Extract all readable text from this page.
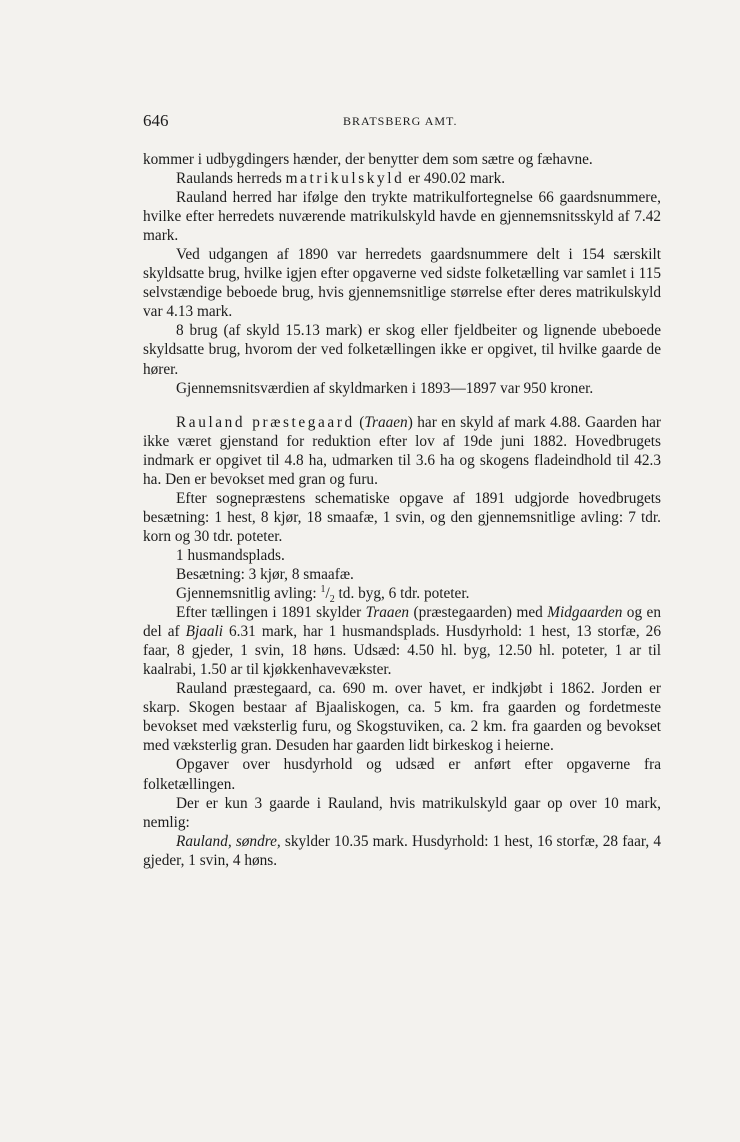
646	BRATSBERG AMT.

kommer i udbygdingers hænder, der benytter dem som sætre og fæhavne.

Raulands herreds matrikulskyld er 490.02 mark.

Rauland herred har ifølge den trykte matrikulfortegnelse 66 gaardsnummere, hvilke efter herredets nuværende matrikulskyld havde en gjennemsnitsskyld af 7.42 mark.

Ved udgangen af 1890 var herredets gaardsnummere delt i 154 særskilt skyldsatte brug, hvilke igjen efter opgaverne ved sidste folketælling var samlet i 115 selvstændige beboede brug, hvis gjennemsnitlige størrelse efter deres matrikulskyld var 4.13 mark.

8 brug (af skyld 15.13 mark) er skog eller fjeldbeiter og lignende ubeboede skyldsatte brug, hvorom der ved folketællingen ikke er opgivet, til hvilke gaarde de hører.

Gjennemsnitsværdien af skyldmarken i 1893—1897 var 950 kroner.

Rauland præstegaard (Traaen) har en skyld af mark 4.88. Gaarden har ikke været gjenstand for reduktion efter lov af 19de juni 1882. Hovedbrugets indmark er opgivet til 4.8 ha, udmarken til 3.6 ha og skogens fladeindhold til 42.3 ha. Den er bevokset med gran og furu.

Efter sognepræstens schematiske opgave af 1891 udgjorde hovedbrugets besætning: 1 hest, 8 kjør, 18 smaafæ, 1 svin, og den gjennemsnitlige avling: 7 tdr. korn og 30 tdr. poteter.

1 husmandsplads.

Besætning: 3 kjør, 8 smaafæ.

Gjennemsnitlig avling: $^1/_2$ td. byg, 6 tdr. poteter.

Efter tællingen i 1891 skylder Traaen (præstegaarden) med Midgaarden og en del af Bjaali 6.31 mark, har 1 husmandsplads. Husdyrhold: 1 hest, 13 storfæ, 26 faar, 8 gjeder, 1 svin, 18 høns. Udsæd: 4.50 hl. byg, 12.50 hl. poteter, 1 ar til kaalrabi, 1.50 ar til kjøkkenhavevækster.

Rauland præstegaard, ca. 690 m. over havet, er indkjøbt i 1862. Jorden er skarp. Skogen bestaar af Bjaaliskogen, ca. 5 km. fra gaarden og fordetmeste bevokset med væksterlig furu, og Skogstuviken, ca. 2 km. fra gaarden og bevokset med væksterlig gran. Desuden har gaarden lidt birkeskog i heierne.

Opgaver over husdyrhold og udsæd er anført efter opgaverne fra folketællingen.

Der er kun 3 gaarde i Rauland, hvis matrikulskyld gaar op over 10 mark, nemlig:

Rauland, søndre, skylder 10.35 mark. Husdyrhold: 1 hest, 16 storfæ, 28 faar, 4 gjeder, 1 svin, 4 høns.
